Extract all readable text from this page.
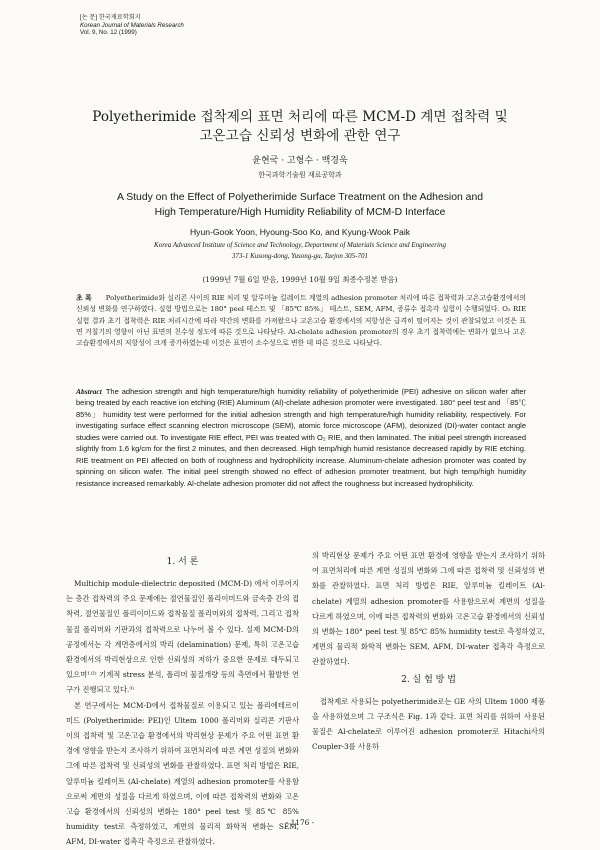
[논 문] 한국재료학회지
Korean Journal of Materials Research
Vol. 9, No. 12 (1999)
Polyetherimide 접착제의 표면 처리에 따른 MCM-D 계면 접착력 및
고온고습 신뢰성 변화에 관한 연구
윤현국 · 고형수 · 백경욱
한국과학기술원 재료공학과
A Study on the Effect of Polyetherimide Surface Treatment on the Adhesion and
High Temperature/High Humidity Reliability of MCM-D Interface
Hyun-Gook Yoon, Hyoung-Soo Ko, and Kyung-Wook Paik
Korea Advanced Institute of Science and Technology, Department of Materials Science and Engineering
373-1 Kusong-dong, Yusong-gu, Taejon 305-701
(1999년 7월 6일 받음, 1999년 10월 9일 최종수정본 받음)
초 록 Polyetherimide와 실리콘 사이의 RIE 처리 및 알루미늄 킬레이트 계열의 adhesion promoter 처리에 따른 접착력과 고온고습환경에서의 신뢰성 변화를 연구하였다. 실험 방법으로는 180° peel 테스트 및 「85℃ 85%」 테스트, SEM, AFM, 증류수 접촉각 실험이 수행되었다. O₂ RIE 실험 결과 초기 접착력은 RIE 처리시간에 따라 약간의 변화를 가져왔으나 고온고습 환경에서의 저항성은 급격히 떨어지는 것이 관찰되었고 이것은 표면 거칠기의 영향이 아닌 표면의 친수성 정도에 따른 것으로 나타났다. Al-chelate adhesion promoter의 경우 초기 접착력에는 변화가 없으나 고온 고습환경에서의 저항성이 크게 증가하였는데 이것은 표면이 소수성으로 변한 데 따른 것으로 나타났다.
Abstract The adhesion strength and high temperature/high humidity reliability of polyetherimide (PEI) adhesive on silicon wafer after being treated by each reactive ion etching (RIE) Aluminum (Al)-chelate adhesion promoter were investigated. 180° peel test and 「85℃ 85%」 humidity test were performed for the initial adhesion strength and high temperature/high humidity reliability, respectively. For investigating surface effect scanning electron microscope (SEM), atomic force microscope (AFM), deionized (DI)-water contact angle studies were carried out. To investigate RIE effect, PEI was treated with O₂ RIE, and then laminated. The initial peel strength increased slightly from 1.6 kg/cm for the first 2 minutes, and then decreased. High temp/high humid resistance decreased rapidly by RIE etching. RIE treatment on PEI affected on both of roughness and hydrophilicity increase. Aluminum-chelate adhesion promoter was coated by spinning on silicon wafer. The initial peel strength showed no effect of adhesion promoter treatment, but high temp/high humidity resistance increased remarkably. Al-chelate adhesion promoter did not affect the roughness but increased hydrophilicity.
1. 서 론

Multichip module-dielectric deposited (MCM-D) 에서 이루어지는 층간 접착력의 주요 문제에는 절연물질인 폴리이미드와 금속층 간의 접착력, 절연물질인 폴리이미드와 접착물질 폴리머와의 접착력, 그리고 접착물질 폴리머와 기판과의 접착력으로 나누어 볼 수 있다. 실제 MCM-D의 공정에서는 각 계면층에서의 박리 (delamination) 문제, 특히 고온고습 환경에서의 박리현상으로 인한 신뢰성의 저하가 중요한 문제로 대두되고 있으며¹⁾²⁾ 기계적 stress 분석, 폴리머 물질개량 등의 측면에서 활발한 연구가 진행되고 있다.³⁾

본 연구에서는 MCM-D에서 접착물질로 이용되고 있는 폴리에테르이미드 (Polyetherimide: PEI)인 Ultem 1000 폴리머와 실리콘 기판사이의 접착력 및 고온고습 환경에서의 박리현상 문제가 주요 어떤 표면 환경에 영향을 받는지 조사하기 위하여 표면처리에 따른 계면 성질의 변화와 그에 따른 접착력 및 신뢰성의 변화를 관찰하였다. 표면 처리 방법은 RIE, 알루미늄 킬레이트 (Al-chelate) 계열의 adhesion promoter를 사용함으로써 계면의 성질을 다르게 하였으며, 이에 따른 접착력의 변화와 고온고습 환경에서의 신뢰성의 변화는 180° peel test 및 85℃ 85% humidity test로 측정하였고, 계면의 물리적 화학적 변화는 SEM, AFM, DI-water 접촉각 측정으로 관찰하였다.

의 박리현상 문제가 주요 어떤 표면 환경에 영향을 받는지 조사하기 위하여 표면처리에 따른 계면 성질의 변화와 그에 따른 접착력 및 신뢰성의 변화를 관찰하였다. 표면 처리 방법은 RIE, 알루미늄 킬레이트 (Al-chelate) 계열의 adhesion promoter를 사용함으로써 계면의 성질을 다르게 하였으며, 이에 따른 접착력의 변화와 고온고습 환경에서의 신뢰성의 변화는 180° peel test 및 85℃ 85% humidity test로 측정하였고, 계면의 물리적 화학적 변화는 SEM, AFM, DI-water 접촉각 측정으로 관찰하였다.

2. 실 험 방 법

접착제로 사용되는 polyetherimide로는 GE 사의 Ultem 1000 제품을 사용하였으며 그 구조식은 Fig. 1과 같다. 표면 처리를 위하여 사용된 물질은 Al-chelate로 이루어진 adhesion promoter로 Hitachi사의 Coupler-3를 사용하

- 1176 -
